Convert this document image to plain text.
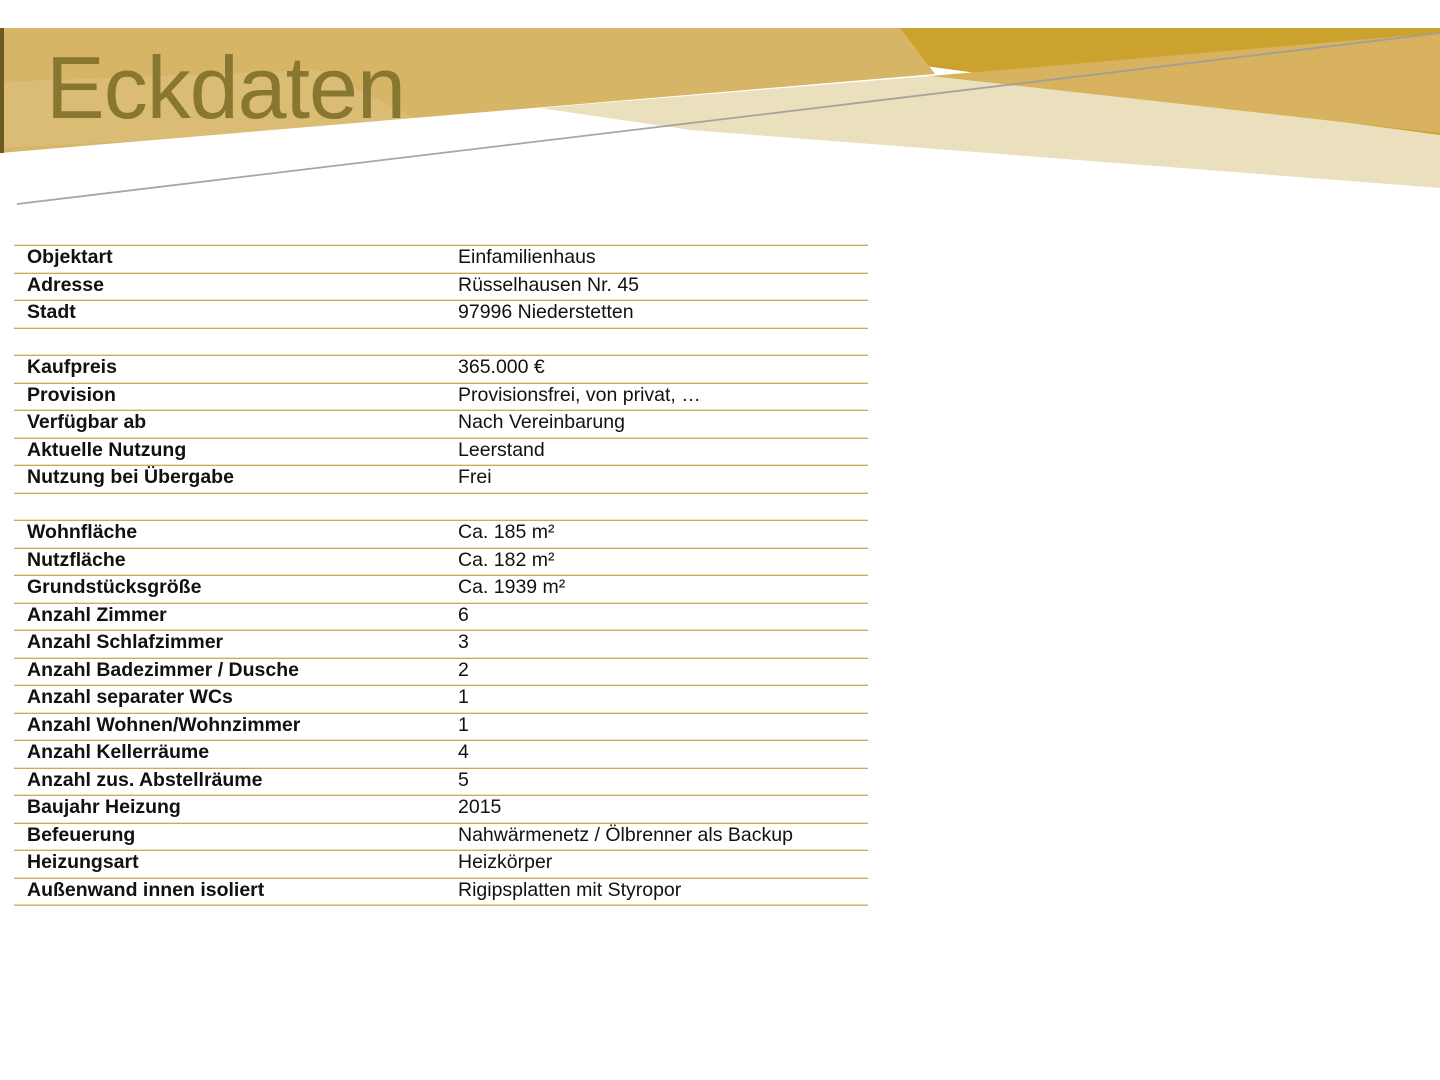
Eckdaten
Objektart	Einfamilienhaus
Adresse	Rüsselhausen Nr. 45
Stadt	97996 Niederstetten
Kaufpreis	365.000 €
Provision	Provisionsfrei, von privat, …
Verfügbar ab	Nach Vereinbarung
Aktuelle Nutzung	Leerstand
Nutzung bei Übergabe	Frei
Wohnfläche	Ca. 185 m²
Nutzfläche	Ca. 182 m²
Grundstücksgröße	Ca. 1939 m²
Anzahl Zimmer	6
Anzahl Schlafzimmer	3
Anzahl Badezimmer / Dusche	2
Anzahl separater WCs	1
Anzahl Wohnen/Wohnzimmer	1
Anzahl Kellerräume	4
Anzahl zus. Abstellräume	5
Baujahr Heizung	2015
Befeuerung	Nahwärmenetz / Ölbrenner als Backup
Heizungsart	Heizkörper
Außenwand innen isoliert	Rigipsplatten mit Styropor
